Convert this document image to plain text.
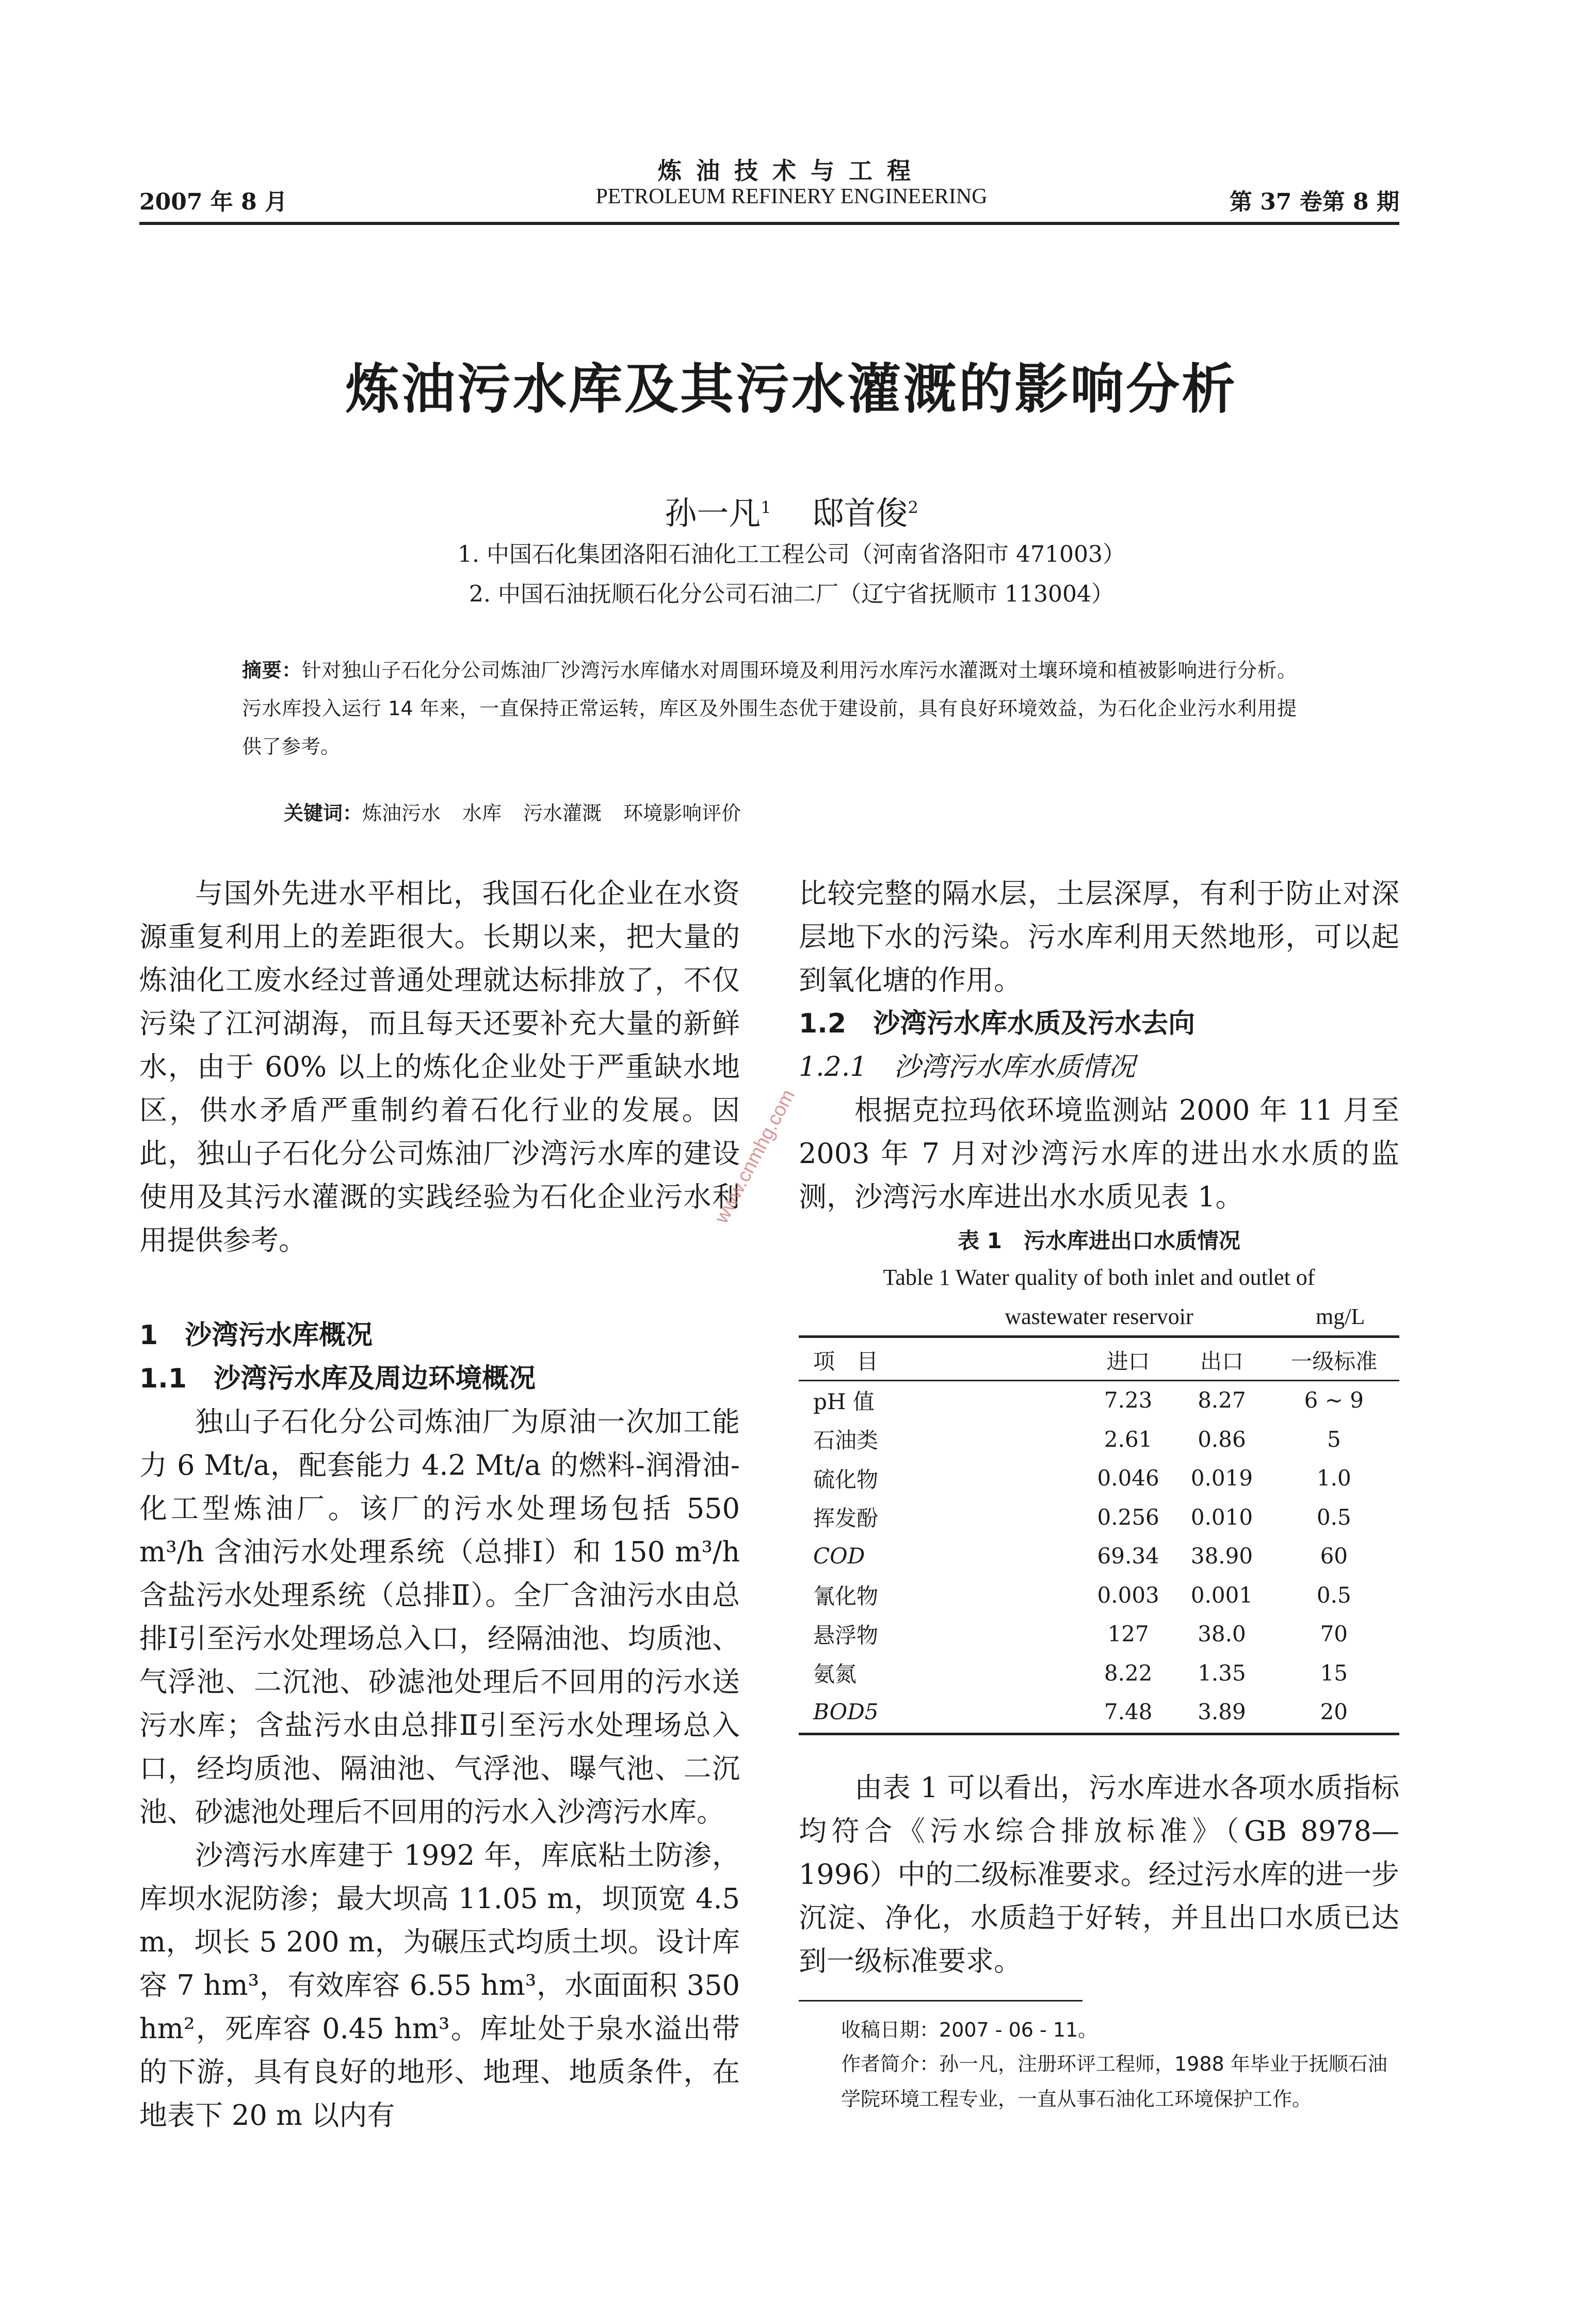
炼油技术与工程
2007 年 8 月	PETROLEUM REFINERY ENGINEERING	第 37 卷第 8 期
炼油污水库及其污水灌溉的影响分析
孙一凡$^1$ 邸首俊$^2$
1. 中国石化集团洛阳石油化工工程公司（河南省洛阳市 471003）
2. 中国石油抚顺石化分公司石油二厂（辽宁省抚顺市 113004）
摘要：针对独山子石化分公司炼油厂沙湾污水库储水对周围环境及利用污水库污水灌溉对土壤环境和植被影响进行分析。污水库投入运行 14 年来，一直保持正常运转，库区及外围生态优于建设前，具有良好环境效益，为石化企业污水利用提供了参考。
关键词：炼油污水 水库 污水灌溉 环境影响评价

与国外先进水平相比，我国石化企业在水资源重复利用上的差距很大。长期以来，把大量的炼油化工废水经过普通处理就达标排放了，不仅污染了江河湖海，而且每天还要补充大量的新鲜水，由于 60% 以上的炼化企业处于严重缺水地区，供水矛盾严重制约着石化行业的发展。因此，独山子石化分公司炼油厂沙湾污水库的建设使用及其污水灌溉的实践经验为石化企业污水利用提供参考。

1　沙湾污水库概况

1.1　沙湾污水库及周边环境概况

独山子石化分公司炼油厂为原油一次加工能力 6 Mt/a，配套能力 4.2 Mt/a 的燃料-润滑油-化工型炼油厂。该厂的污水处理场包括 550 m³/h 含油污水处理系统（总排Ⅰ）和 150 m³/h 含盐污水处理系统（总排Ⅱ）。全厂含油污水由总排Ⅰ引至污水处理场总入口，经隔油池、均质池、气浮池、二沉池、砂滤池处理后不回用的污水送污水库；含盐污水由总排Ⅱ引至污水处理场总入口，经均质池、隔油池、气浮池、曝气池、二沉池、砂滤池处理后不回用的污水入沙湾污水库。

沙湾污水库建于 1992 年，库底粘土防渗，库坝水泥防渗；最大坝高 11.05 m，坝顶宽 4.5 m，坝长 5 200 m，为碾压式均质土坝。设计库容 7 hm³，有效库容 6.55 hm³，水面面积 350 hm²，死库容 0.45 hm³。库址处于泉水溢出带的下游，具有良好的地形、地理、地质条件，在地表下 20 m 以内有

比较完整的隔水层，土层深厚，有利于防止对深层地下水的污染。污水库利用天然地形，可以起到氧化塘的作用。

1.2　沙湾污水库水质及污水去向

1.2.1　沙湾污水库水质情况

根据克拉玛依环境监测站 2000 年 11 月至 2003 年 7 月对沙湾污水库的进出水水质的监测，沙湾污水库进出水水质见表 1。

表 1　污水库进出口水质情况
Table 1 Water quality of both inlet and outlet of
wastewater reservoir	mg/L
项　目	进口	出口	一级标准
pH 值	7.23	8.27	6 ~ 9
石油类	2.61	0.86	5
硫化物	0.046	0.019	1.0
挥发酚	0.256	0.010	0.5
COD	69.34	38.90	60
氰化物	0.003	0.001	0.5
悬浮物	127	38.0	70
氨氮	8.22	1.35	15
BOD5	7.48	3.89	20

由表 1 可以看出，污水库进水各项水质指标均符合《污水综合排放标准》（GB 8978—1996）中的二级标准要求。经过污水库的进一步沉淀、净化，水质趋于好转，并且出口水质已达到一级标准要求。

收稿日期：2007 - 06 - 11。
作者简介：孙一凡，注册环评工程师，1988 年毕业于抚顺石油学院环境工程专业，一直从事石油化工环境保护工作。
www.cnmhg.com
